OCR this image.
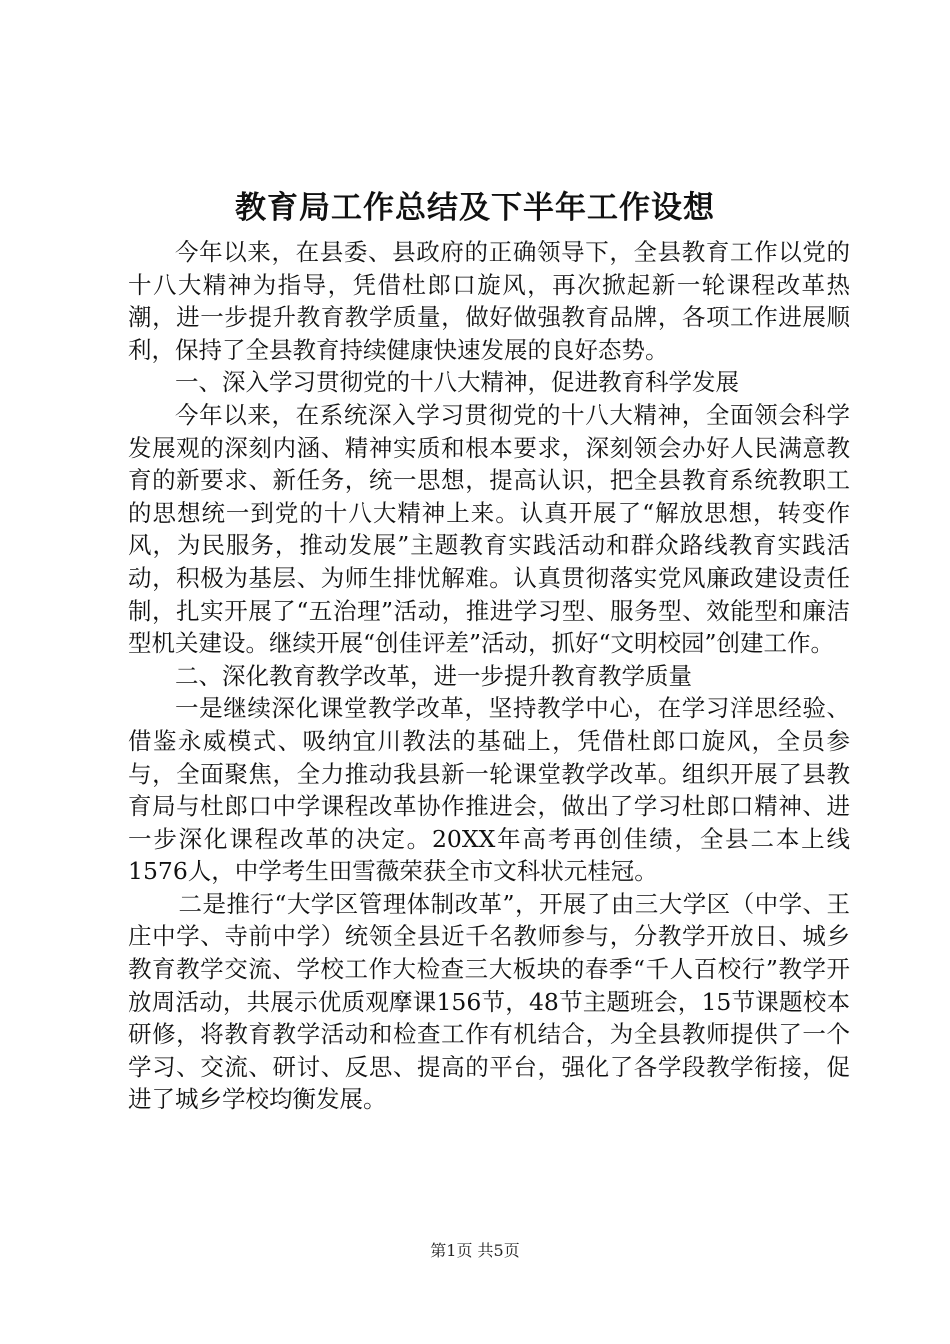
教育局工作总结及下半年工作设想

今年以来，在县委、县政府的正确领导下，全县教育工作以党的十八大精神为指导，凭借杜郎口旋风，再次掀起新一轮课程改革热潮，进一步提升教育教学质量，做好做强教育品牌，各项工作进展顺利，保持了全县教育持续健康快速发展的良好态势。

一、深入学习贯彻党的十八大精神，促进教育科学发展

今年以来，在系统深入学习贯彻党的十八大精神，全面领会科学发展观的深刻内涵、精神实质和根本要求，深刻领会办好人民满意教育的新要求、新任务，统一思想，提高认识，把全县教育系统教职工的思想统一到党的十八大精神上来。认真开展了“解放思想，转变作风，为民服务，推动发展”主题教育实践活动和群众路线教育实践活动，积极为基层、为师生排忧解难。认真贯彻落实党风廉政建设责任制，扎实开展了“五治理”活动，推进学习型、服务型、效能型和廉洁型机关建设。继续开展“创佳评差”活动，抓好“文明校园”创建工作。

二、深化教育教学改革，进一步提升教育教学质量

一是继续深化课堂教学改革，坚持教学中心，在学习洋思经验、借鉴永威模式、吸纳宜川教法的基础上，凭借杜郎口旋风，全员参与，全面聚焦，全力推动我县新一轮课堂教学改革。组织开展了县教育局与杜郎口中学课程改革协作推进会，做出了学习杜郎口精神、进一步深化课程改革的决定。20XX年高考再创佳绩，全县二本上线1576人，中学考生田雪薇荣获全市文科状元桂冠。

二是推行“大学区管理体制改革”，开展了由三大学区（中学、王庄中学、寺前中学）统领全县近千名教师参与，分教学开放日、城乡教育教学交流、学校工作大检查三大板块的春季“千人百校行”教学开放周活动，共展示优质观摩课156节，48节主题班会，15节课题校本研修，将教育教学活动和检查工作有机结合，为全县教师提供了一个学习、交流、研讨、反思、提高的平台，强化了各学段教学衔接，促进了城乡学校均衡发展。

第1页 共5页
